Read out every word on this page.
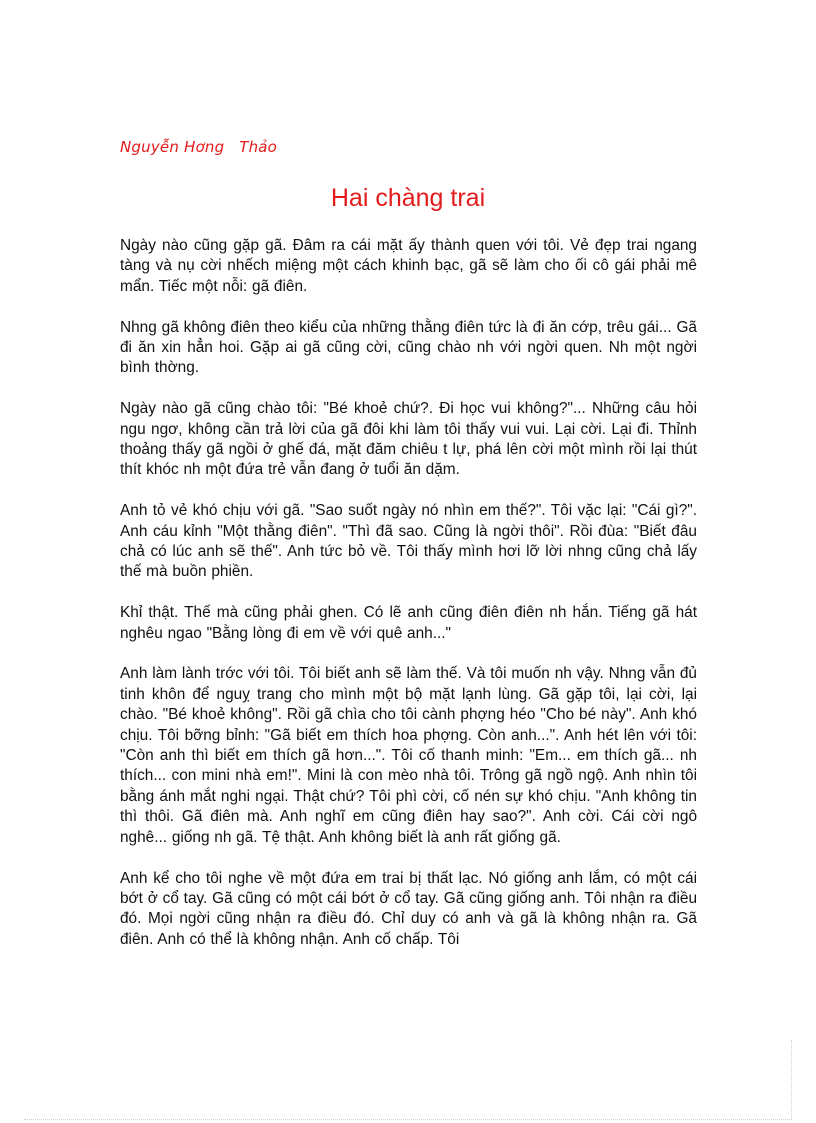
Nguyễn Hơng   Thảo
Hai chàng trai

Ngày nào cũng gặp gã. Đâm ra cái mặt ấy thành quen với tôi. Vẻ đẹp trai ngang tàng và nụ cời nhếch miệng một cách khinh bạc, gã sẽ làm cho ối cô gái phải mê mẩn. Tiếc một nỗi: gã điên.

Nhng gã không điên theo kiểu của những thằng điên tức là đi ăn cớp, trêu gái... Gã đi ăn xin hẳn hoi. Gặp ai gã cũng cời, cũng chào nh với ngời quen. Nh một ngời bình thờng.

Ngày nào gã cũng chào tôi: "Bé khoẻ chứ?. Đi học vui không?"... Những câu hỏi ngu ngơ, không cần trả lời của gã đôi khi làm tôi thấy vui vui. Lại cời. Lại đi. Thỉnh thoảng thấy gã ngồi ở ghế đá, mặt đăm chiêu t lự, phá lên cời một mình rồi lại thút thít khóc nh một đứa trẻ vẫn đang ở tuổi ăn dặm.

Anh tỏ vẻ khó chịu với gã. "Sao suốt ngày nó nhìn em thế?". Tôi vặc lại: "Cái gì?". Anh cáu kỉnh "Một thằng điên". "Thì đã sao. Cũng là ngời thôi". Rồi đùa: "Biết đâu chả có lúc anh sẽ thế". Anh tức bỏ về. Tôi thấy mình hơi lỡ lời nhng cũng chả lấy thế mà buồn phiền.

Khỉ thật. Thế mà cũng phải ghen. Có lẽ anh cũng điên điên nh hắn. Tiếng gã hát nghêu ngao "Bằng lòng đi em về với quê anh..."

Anh làm lành trớc với tôi. Tôi biết anh sẽ làm thế. Và tôi muốn nh vậy. Nhng vẫn đủ tinh khôn để nguỵ trang cho mình một bộ mặt lạnh lùng. Gã gặp tôi, lại cời, lại chào. "Bé khoẻ không". Rồi gã chìa cho tôi cành phợng héo "Cho bé này". Anh khó chịu. Tôi bỡng bỉnh: "Gã biết em thích hoa phợng. Còn anh...". Anh hét lên với tôi: "Còn anh thì biết em thích gã hơn...". Tôi cố thanh minh: "Em... em thích gã... nh thích... con mini nhà em!". Mini là con mèo nhà tôi. Trông gã ngồ ngộ. Anh nhìn tôi bằng ánh mắt nghi ngại. Thật chứ? Tôi phì cời, cố nén sự khó chịu. "Anh không tin thì thôi. Gã điên mà. Anh nghĩ em cũng điên hay sao?". Anh cời. Cái cời ngô nghê... giống nh gã. Tệ thật. Anh không biết là anh rất giống gã.

Anh kể cho tôi nghe về một đứa em trai bị thất lạc. Nó giống anh lắm, có một cái bớt ở cổ tay. Gã cũng có một cái bớt ở cổ tay. Gã cũng giống anh. Tôi nhận ra điều đó. Mọi ngời cũng nhận ra điều đó. Chỉ duy có anh và gã là không nhận ra. Gã điên. Anh có thể là không nhận. Anh cố chấp. Tôi
